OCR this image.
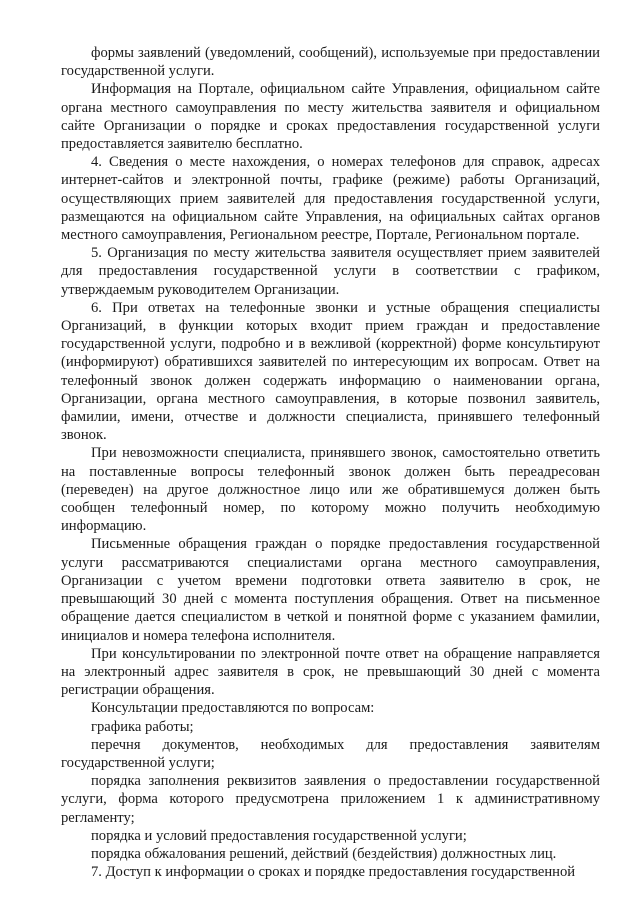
формы заявлений (уведомлений, сообщений), используемые при предоставлении государственной услуги.

Информация на Портале, официальном сайте Управления, официальном сайте органа местного самоуправления по месту жительства заявителя и официальном сайте Организации о порядке и сроках предоставления государственной услуги предоставляется заявителю бесплатно.

4. Сведения о месте нахождения, о номерах телефонов для справок, адресах интернет-сайтов и электронной почты, графике (режиме) работы Организаций, осуществляющих прием заявителей для предоставления государственной услуги, размещаются на официальном сайте Управления, на официальных сайтах органов местного самоуправления, Региональном реестре, Портале, Региональном портале.

5. Организация по месту жительства заявителя осуществляет прием заявителей для предоставления государственной услуги в соответствии с графиком, утверждаемым руководителем Организации.

6. При ответах на телефонные звонки и устные обращения специалисты Организаций, в функции которых входит прием граждан и предоставление государственной услуги, подробно и в вежливой (корректной) форме консультируют (информируют) обратившихся заявителей по интересующим их вопросам. Ответ на телефонный звонок должен содержать информацию о наименовании органа, Организации, органа местного самоуправления, в которые позвонил заявитель, фамилии, имени, отчестве и должности специалиста, принявшего телефонный звонок.

При невозможности специалиста, принявшего звонок, самостоятельно ответить на поставленные вопросы телефонный звонок должен быть переадресован (переведен) на другое должностное лицо или же обратившемуся должен быть сообщен телефонный номер, по которому можно получить необходимую информацию.

Письменные обращения граждан о порядке предоставления государственной услуги рассматриваются специалистами органа местного самоуправления, Организации с учетом времени подготовки ответа заявителю в срок, не превышающий 30 дней с момента поступления обращения. Ответ на письменное обращение дается специалистом в четкой и понятной форме с указанием фамилии, инициалов и номера телефона исполнителя.

При консультировании по электронной почте ответ на обращение направляется на электронный адрес заявителя в срок, не превышающий 30 дней с момента регистрации обращения.

Консультации предоставляются по вопросам:

графика работы;

перечня документов, необходимых для предоставления заявителям государственной услуги;

порядка заполнения реквизитов заявления о предоставлении государственной услуги, форма которого предусмотрена приложением 1 к административному регламенту;

порядка и условий предоставления государственной услуги;

порядка обжалования решений, действий (бездействия) должностных лиц.

7. Доступ к информации о сроках и порядке предоставления государственной
